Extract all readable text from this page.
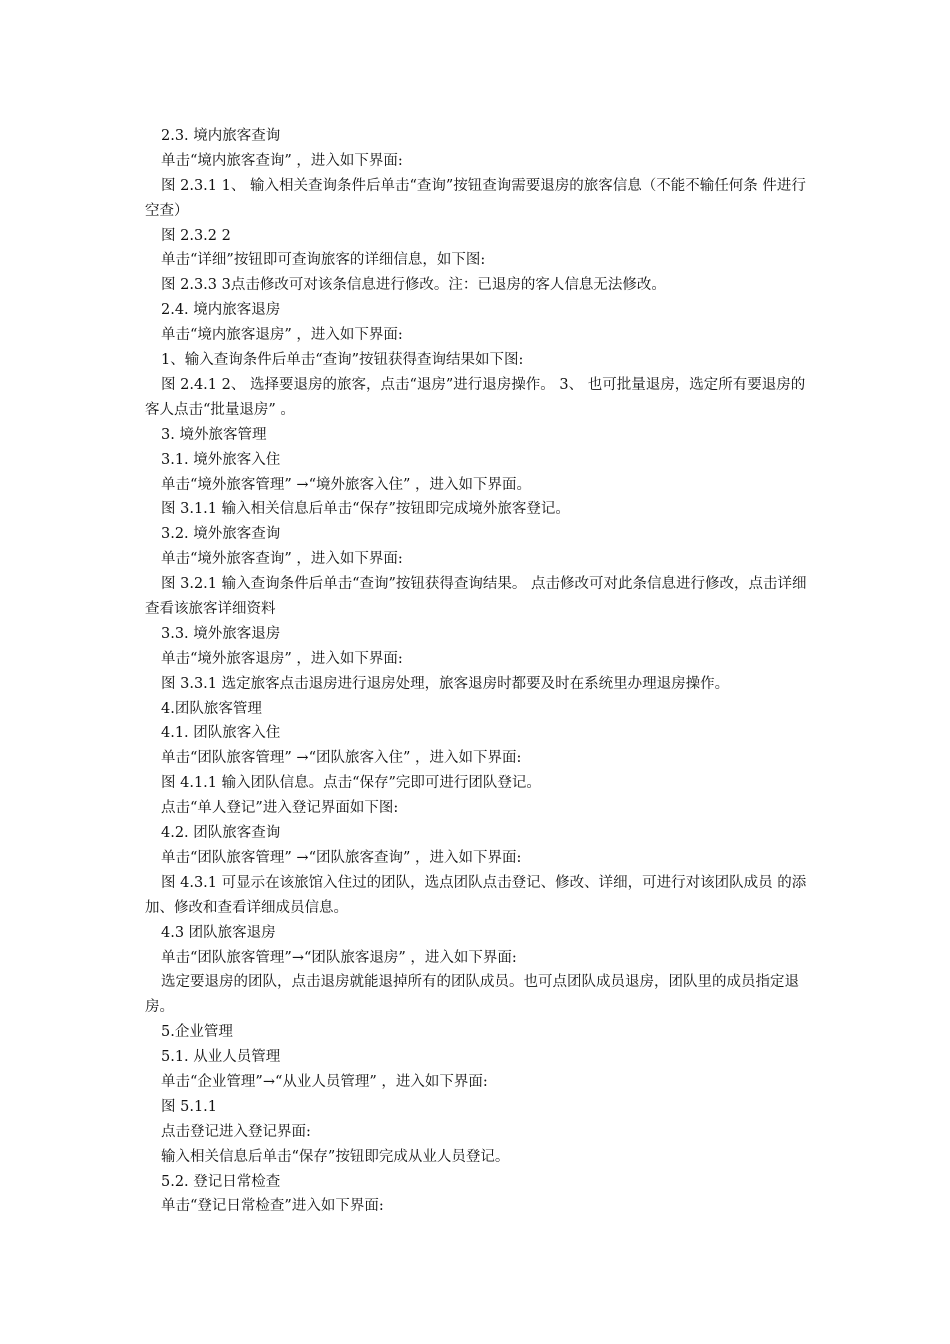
2.3. 境内旅客查询
单击“境内旅客查询” ，进入如下界面:
图 2.3.1 1、 输入相关查询条件后单击“查询”按钮查询需要退房的旅客信息（不能不输任何条 件进行空查）
图 2.3.2 2
单击“详细”按钮即可查询旅客的详细信息，如下图:
图 2.3.3 3点击修改可对该条信息进行修改。注：已退房的客人信息无法修改。
2.4. 境内旅客退房
单击“境内旅客退房” ，进入如下界面:
1、输入查询条件后单击“查询”按钮获得查询结果如下图:
图 2.4.1 2、 选择要退房的旅客，点击“退房”进行退房操作。 3、 也可批量退房，选定所有要退房的客人点击“批量退房” 。
3. 境外旅客管理
3.1. 境外旅客入住
单击“境外旅客管理” →“境外旅客入住” ，进入如下界面。
图 3.1.1 输入相关信息后单击“保存”按钮即完成境外旅客登记。
3.2. 境外旅客查询
单击“境外旅客查询” ，进入如下界面:
图 3.2.1 输入查询条件后单击“查询”按钮获得查询结果。 点击修改可对此条信息进行修改，点击详细查看该旅客详细资料
3.3. 境外旅客退房
单击“境外旅客退房” ，进入如下界面:
图 3.3.1 选定旅客点击退房进行退房处理，旅客退房时都要及时在系统里办理退房操作。
4.团队旅客管理
4.1. 团队旅客入住
单击“团队旅客管理” →“团队旅客入住” ，进入如下界面:
图 4.1.1 输入团队信息。点击“保存”完即可进行团队登记。
点击“单人登记”进入登记界面如下图:
4.2. 团队旅客查询
单击“团队旅客管理” →“团队旅客查询” ，进入如下界面:
图 4.3.1 可显示在该旅馆入住过的团队，选点团队点击登记、修改、详细，可进行对该团队成员 的添加、修改和查看详细成员信息。
4.3 团队旅客退房
单击“团队旅客管理”→“团队旅客退房” ，进入如下界面:
选定要退房的团队，点击退房就能退掉所有的团队成员。也可点团队成员退房，团队里的成员指定退房。
5.企业管理
5.1. 从业人员管理
单击“企业管理”→“从业人员管理” ，进入如下界面:
图 5.1.1
点击登记进入登记界面:
输入相关信息后单击“保存”按钮即完成从业人员登记。
5.2. 登记日常检查
单击“登记日常检查”进入如下界面:
